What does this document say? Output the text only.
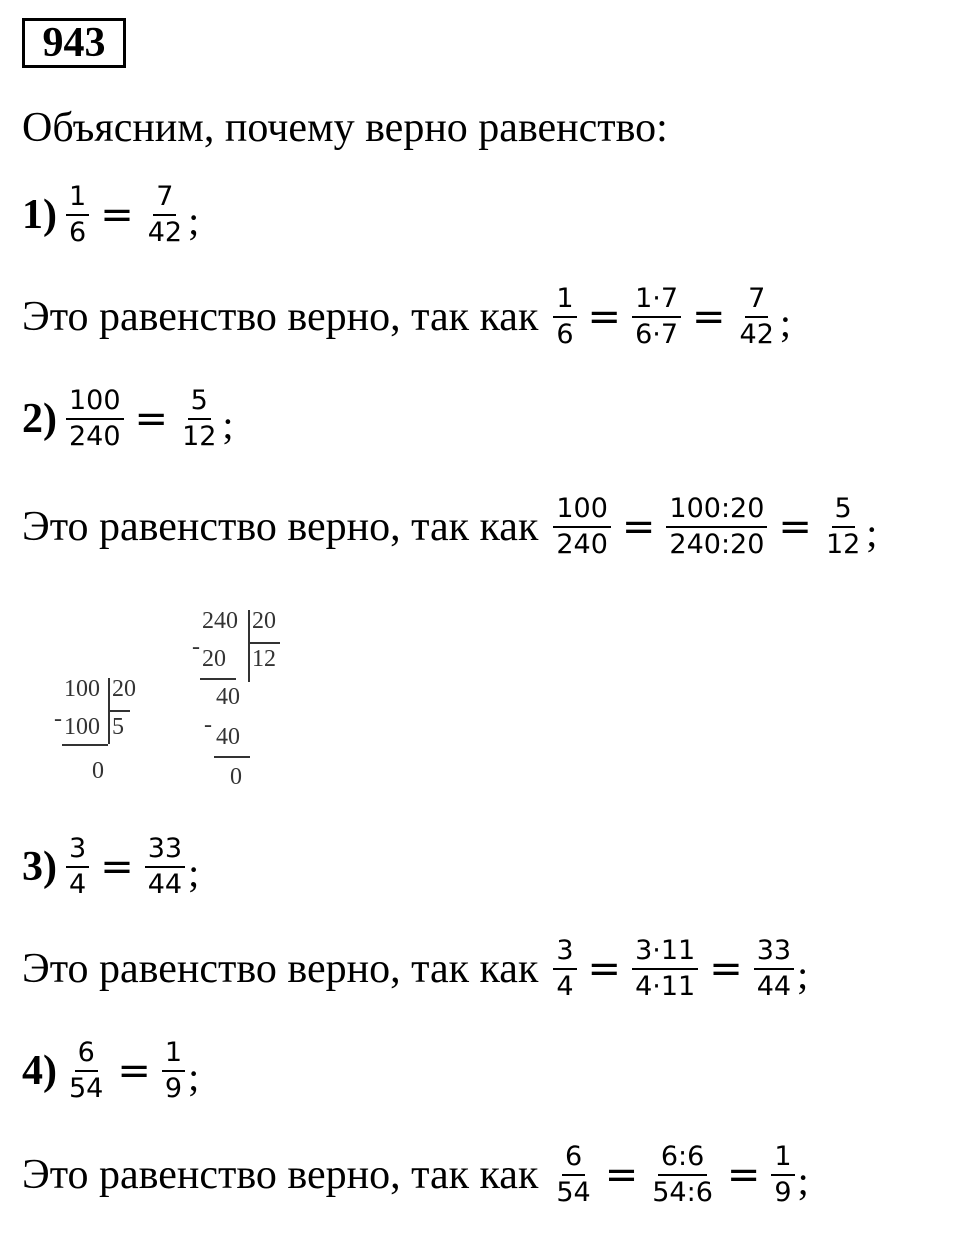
943
Объясним, почему верно равенство:
$1) \frac{1}{6} = \frac{7}{42}$ ;
Это равенство верно, так как $\frac{1}{6} = \frac{1\cdot 7}{6\cdot 7} = \frac{7}{42}$ ;
$2) \frac{100}{240} = \frac{5}{12}$ ;
Это равенство верно, так как $\frac{100}{240} = \frac{100:20}{240:20} = \frac{5}{12}$ ;
100 20
- 100 5
0
240 20
- 20 12
40
- 40
0
$3) \frac{3}{4} = \frac{33}{44}$ ;
Это равенство верно, так как $\frac{3}{4} = \frac{3\cdot 11}{4\cdot 11} = \frac{33}{44}$ ;
$4) \frac{6}{54} = \frac{1}{9}$ ;
Это равенство верно, так как $\frac{6}{54} = \frac{6:6}{54:6} = \frac{1}{9}$ ;
